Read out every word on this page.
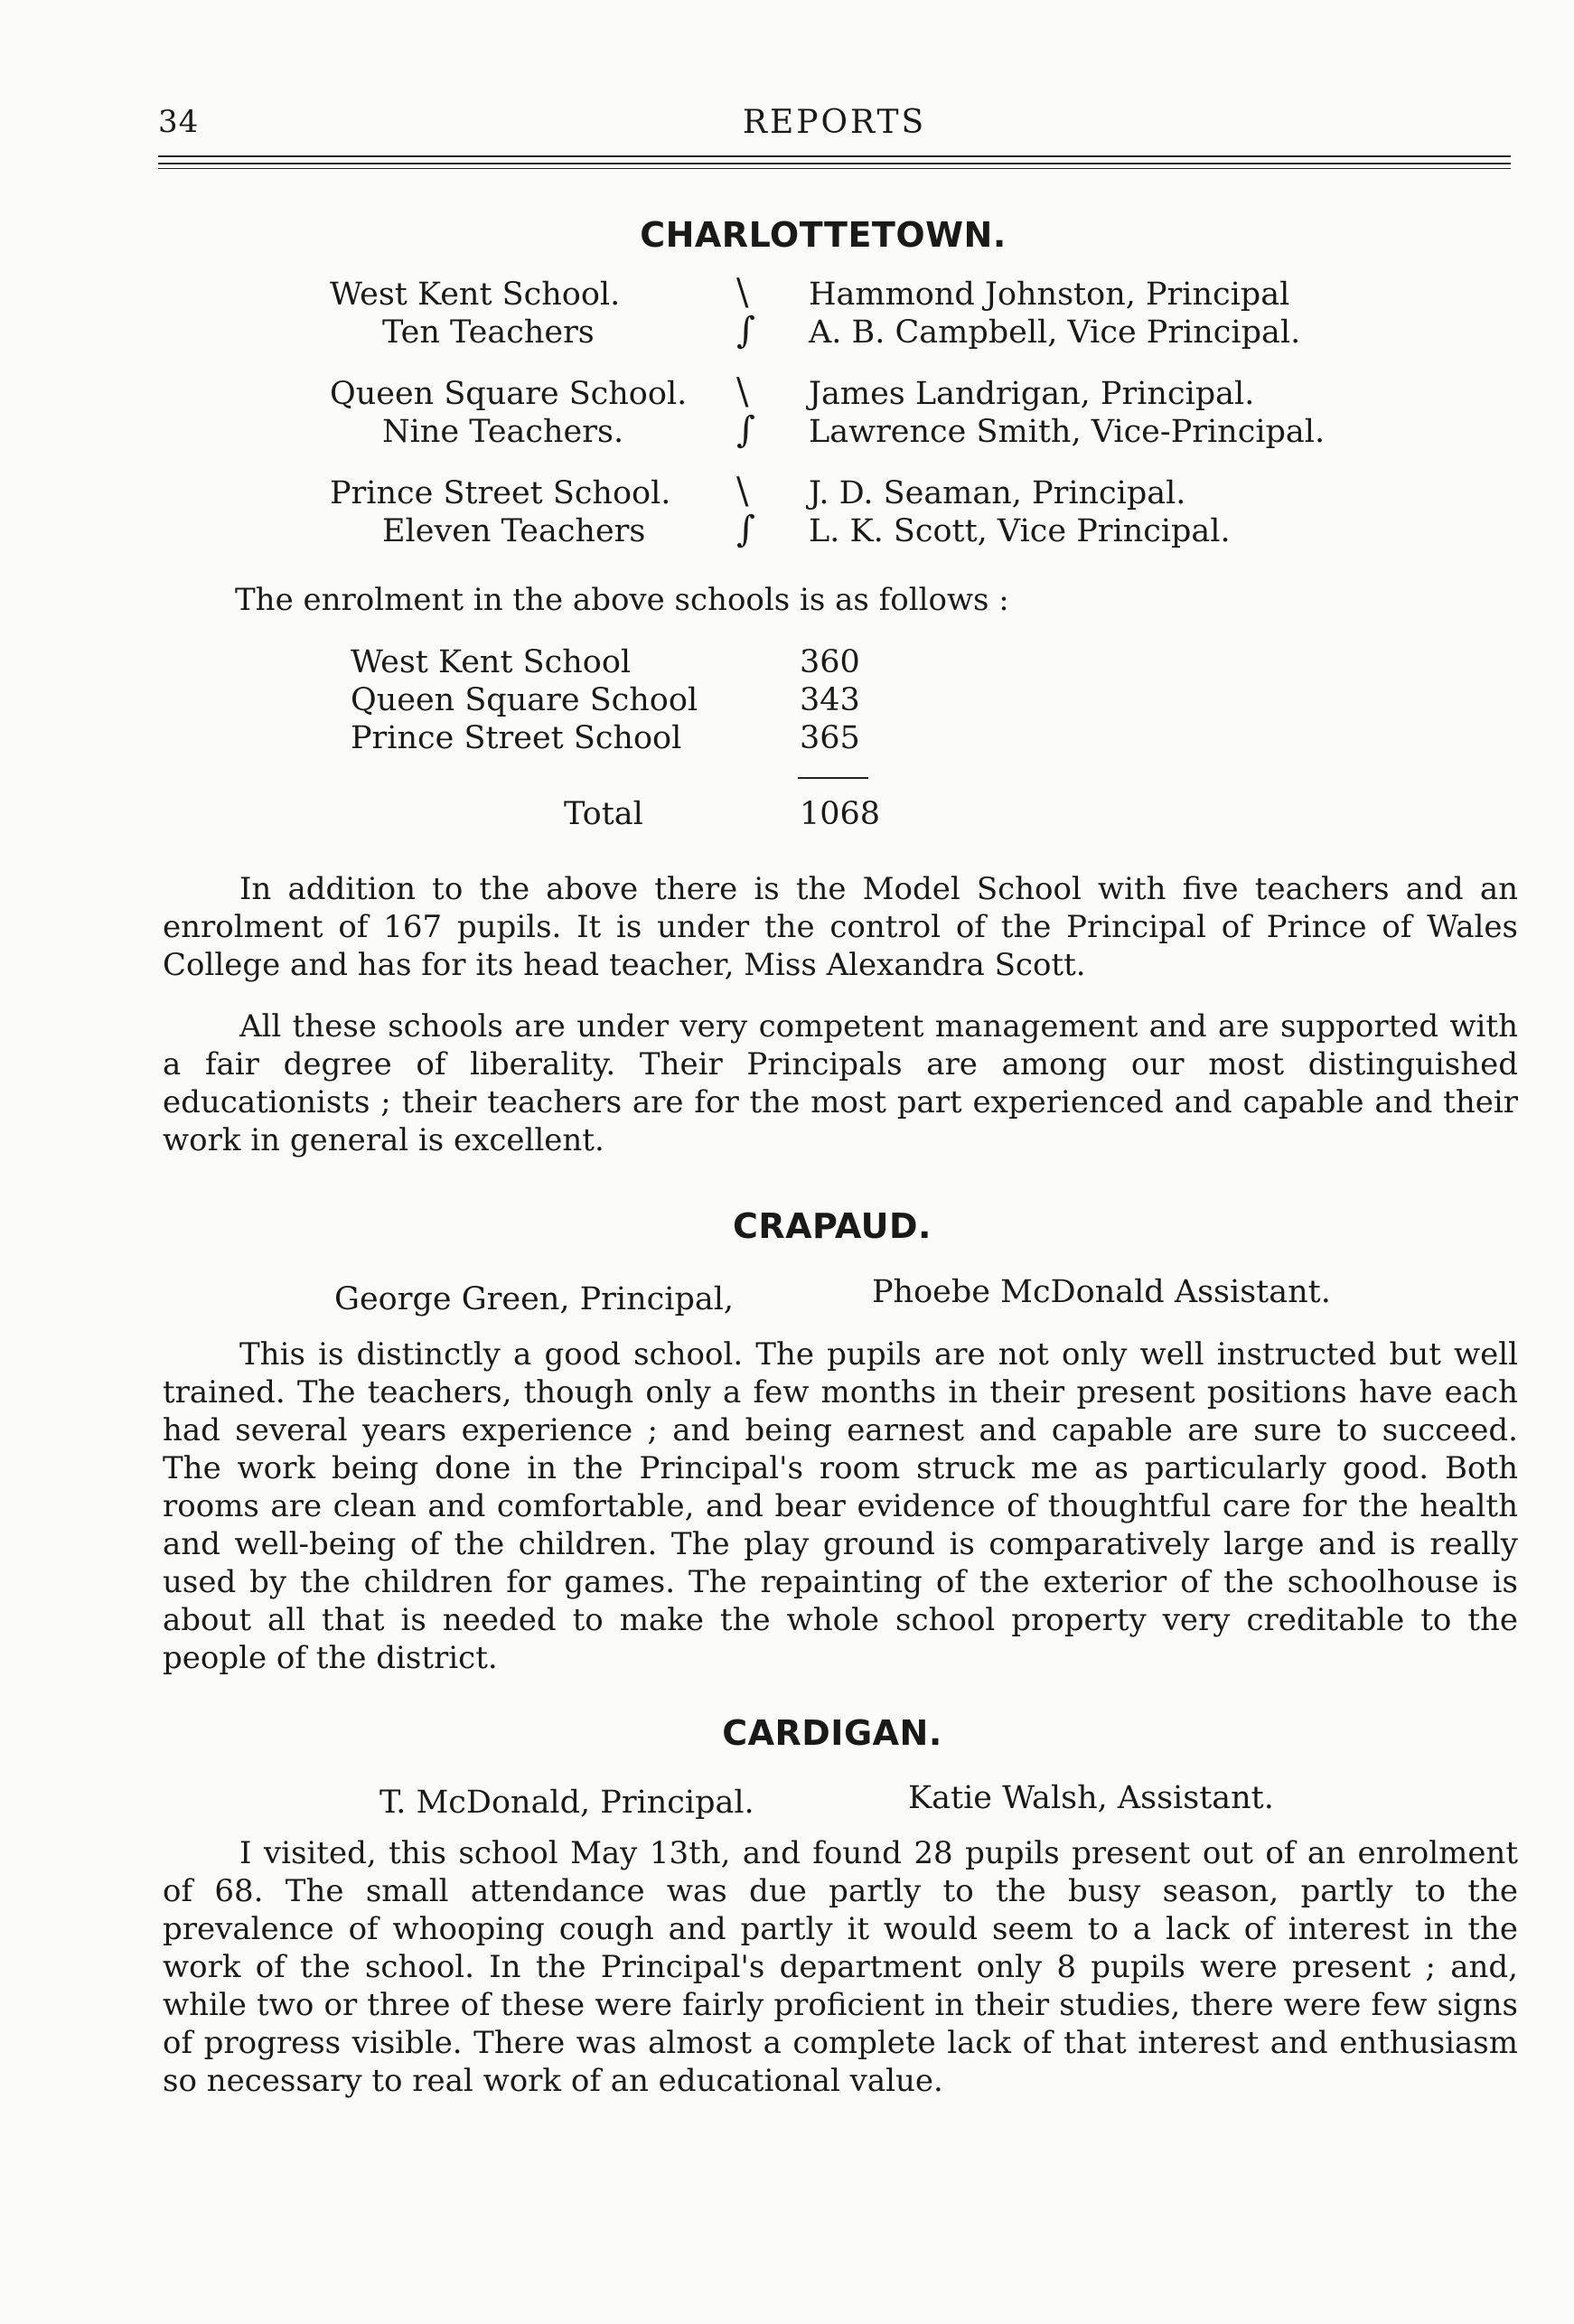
34	REPORTS
CHARLOTTETOWN.
West Kent School.	\ Hammond Johnston, Principal
Ten Teachers	∫ A. B. Campbell, Vice Principal.
Queen Square School. \ James Landrigan, Principal.
Nine Teachers.	∫ Lawrence Smith, Vice-Principal.
Prince Street School. \ J. D. Seaman, Principal.
Eleven Teachers	∫ L. K. Scott, Vice Principal.
The enrolment in the above schools is as follows :
West Kent School	360
Queen Square School	343
Prince Street School	365
Total	1068

In addition to the above there is the Model School with five teachers and an enrolment of 167 pupils. It is under the control of the Principal of Prince of Wales College and has for its head teacher, Miss Alexandra Scott.

All these schools are under very competent management and are supported with a fair degree of liberality. Their Principals are among our most distinguished educationists ; their teachers are for the most part experienced and capable and their work in general is excellent.

CRAPAUD.
George Green, Principal,	Phoebe McDonald Assistant.

This is distinctly a good school. The pupils are not only well instructed but well trained. The teachers, though only a few months in their present positions have each had several years experience ; and being earnest and capable are sure to succeed. The work being done in the Principal's room struck me as particularly good. Both rooms are clean and comfortable, and bear evidence of thoughtful care for the health and well-being of the children. The play ground is comparatively large and is really used by the children for games. The repainting of the exterior of the schoolhouse is about all that is needed to make the whole school property very creditable to the people of the district.

CARDIGAN.
T. McDonald, Principal.	Katie Walsh, Assistant.

I visited, this school May 13th, and found 28 pupils present out of an enrolment of 68. The small attendance was due partly to the busy season, partly to the prevalence of whooping cough and partly it would seem to a lack of interest in the work of the school. In the Principal's department only 8 pupils were present ; and, while two or three of these were fairly proficient in their studies, there were few signs of progress visible. There was almost a complete lack of that interest and enthusiasm so necessary to real work of an educational value.
